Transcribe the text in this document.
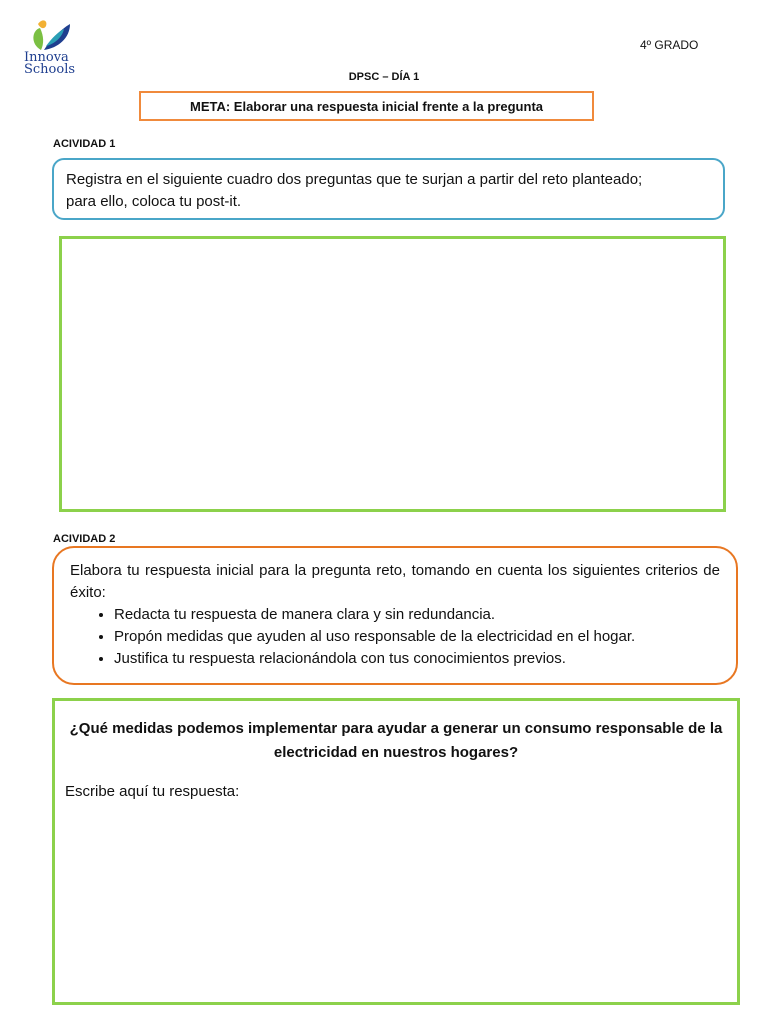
Innova
Schools
4º GRADO
DPSC – DÍA 1
META: Elaborar una respuesta inicial frente a la pregunta
ACIVIDAD 1
Registra en el siguiente cuadro dos preguntas que te surjan a partir del reto planteado;
para ello, coloca tu post-it.
ACIVIDAD 2

Elabora tu respuesta inicial para la pregunta reto, tomando en cuenta los siguientes criterios de éxito:

• Redacta tu respuesta de manera clara y sin redundancia.
• Propón medidas que ayuden al uso responsable de la electricidad en el hogar.
• Justifica tu respuesta relacionándola con tus conocimientos previos.

¿Qué medidas podemos implementar para ayudar a generar un consumo responsable de la electricidad en nuestros hogares?

Escribe aquí tu respuesta:
